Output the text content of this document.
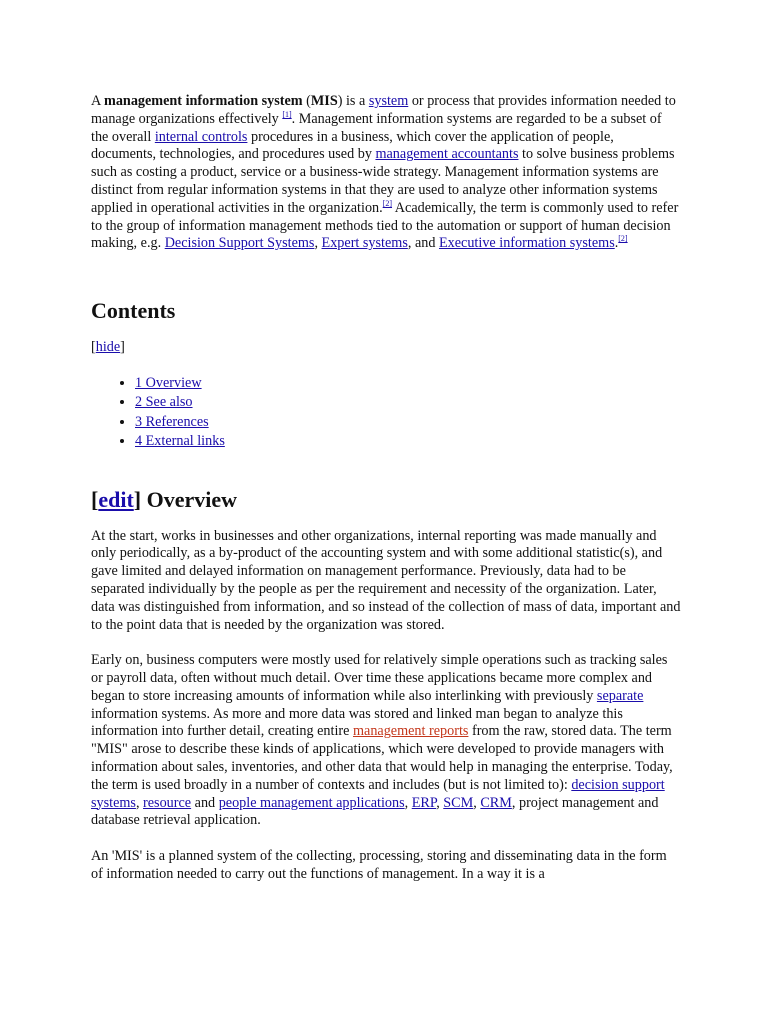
A management information system (MIS) is a system or process that provides information needed to manage organizations effectively [1]. Management information systems are regarded to be a subset of the overall internal controls procedures in a business, which cover the application of people, documents, technologies, and procedures used by management accountants to solve business problems such as costing a product, service or a business-wide strategy. Management information systems are distinct from regular information systems in that they are used to analyze other information systems applied in operational activities in the organization.[2] Academically, the term is commonly used to refer to the group of information management methods tied to the automation or support of human decision making, e.g. Decision Support Systems, Expert systems, and Executive information systems.[2]

Contents
[hide]
• 1 Overview
• 2 See also
• 3 References
• 4 External links
[edit] Overview

At the start, works in businesses and other organizations, internal reporting was made manually and only periodically, as a by-product of the accounting system and with some additional statistic(s), and gave limited and delayed information on management performance. Previously, data had to be separated individually by the people as per the requirement and necessity of the organization. Later, data was distinguished from information, and so instead of the collection of mass of data, important and to the point data that is needed by the organization was stored.

Early on, business computers were mostly used for relatively simple operations such as tracking sales or payroll data, often without much detail. Over time these applications became more complex and began to store increasing amounts of information while also interlinking with previously separate information systems. As more and more data was stored and linked man began to analyze this information into further detail, creating entire management reports from the raw, stored data. The term "MIS" arose to describe these kinds of applications, which were developed to provide managers with information about sales, inventories, and other data that would help in managing the enterprise. Today, the term is used broadly in a number of contexts and includes (but is not limited to): decision support systems, resource and people management applications, ERP, SCM, CRM, project management and database retrieval application.

An 'MIS' is a planned system of the collecting, processing, storing and disseminating data in the form of information needed to carry out the functions of management. In a way it is a
